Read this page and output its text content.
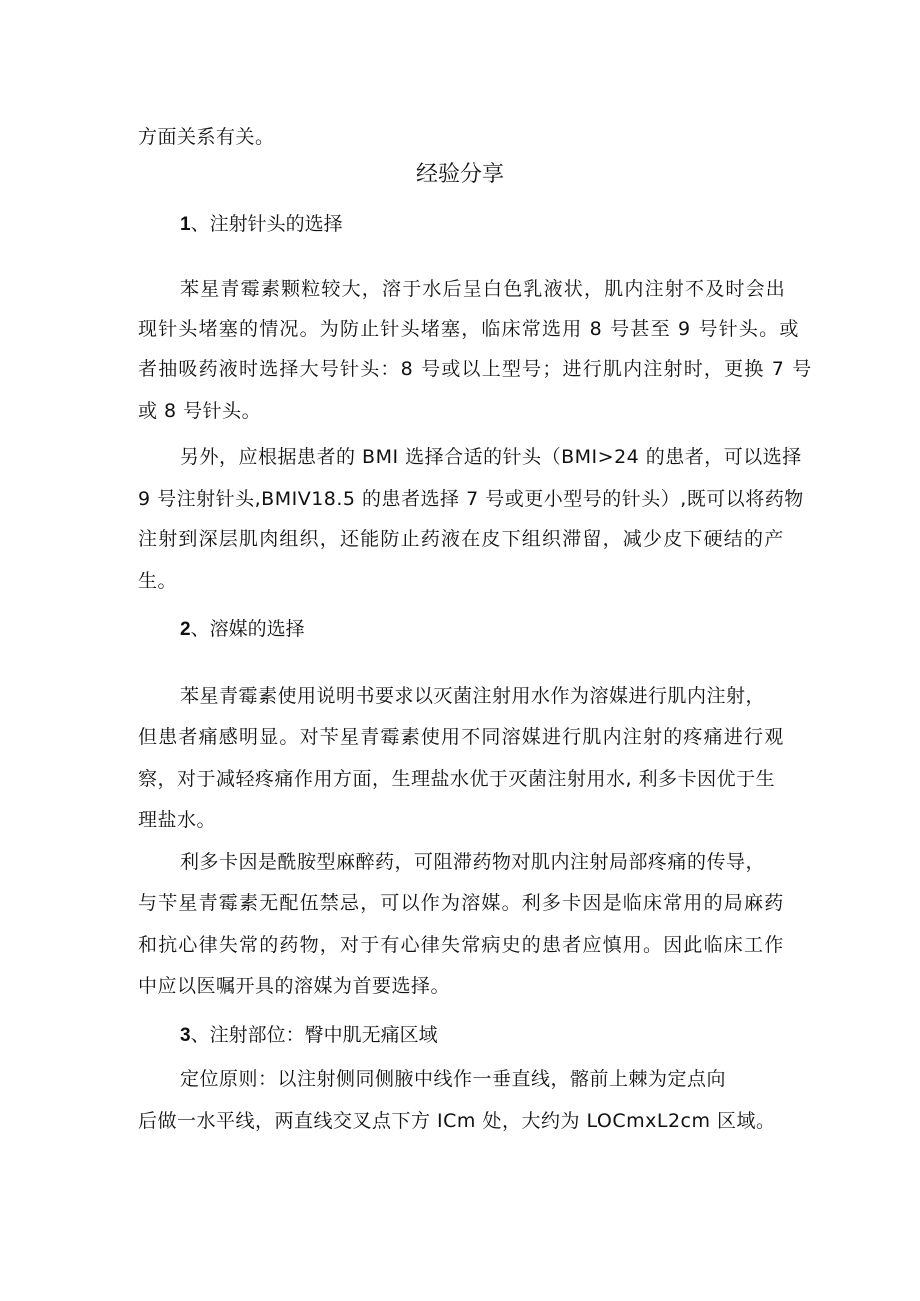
方面关系有关。
经验分享
1、注射针头的选择
苯星青霉素颗粒较大，溶于水后呈白色乳液状，肌内注射不及时会出
现针头堵塞的情况。为防止针头堵塞，临床常选用 8 号甚至 9 号针头。或
者抽吸药液时选择大号针头：8 号或以上型号；进行肌内注射时，更换 7 号
或 8 号针头。
另外，应根据患者的 BMI 选择合适的针头（BMI>24 的患者，可以选择
9 号注射针头,BMIV18.5 的患者选择 7 号或更小型号的针头）,既可以将药物
注射到深层肌肉组织，还能防止药液在皮下组织滞留，减少皮下硬结的产
生。
2、溶媒的选择
苯星青霉素使用说明书要求以灭菌注射用水作为溶媒进行肌内注射，
但患者痛感明显。对苄星青霉素使用不同溶媒进行肌内注射的疼痛进行观
察，对于减轻疼痛作用方面，生理盐水优于灭菌注射用水, 利多卡因优于生
理盐水。
利多卡因是酰胺型麻醉药，可阻滞药物对肌内注射局部疼痛的传导，
与苄星青霉素无配伍禁忌，可以作为溶媒。利多卡因是临床常用的局麻药
和抗心律失常的药物，对于有心律失常病史的患者应慎用。因此临床工作
中应以医嘱开具的溶媒为首要选择。
3、注射部位：臀中肌无痛区域
定位原则：以注射侧同侧腋中线作一垂直线，髂前上棘为定点向
后做一水平线，两直线交叉点下方 ICm 处，大约为 LOCmxL2cm 区域。
